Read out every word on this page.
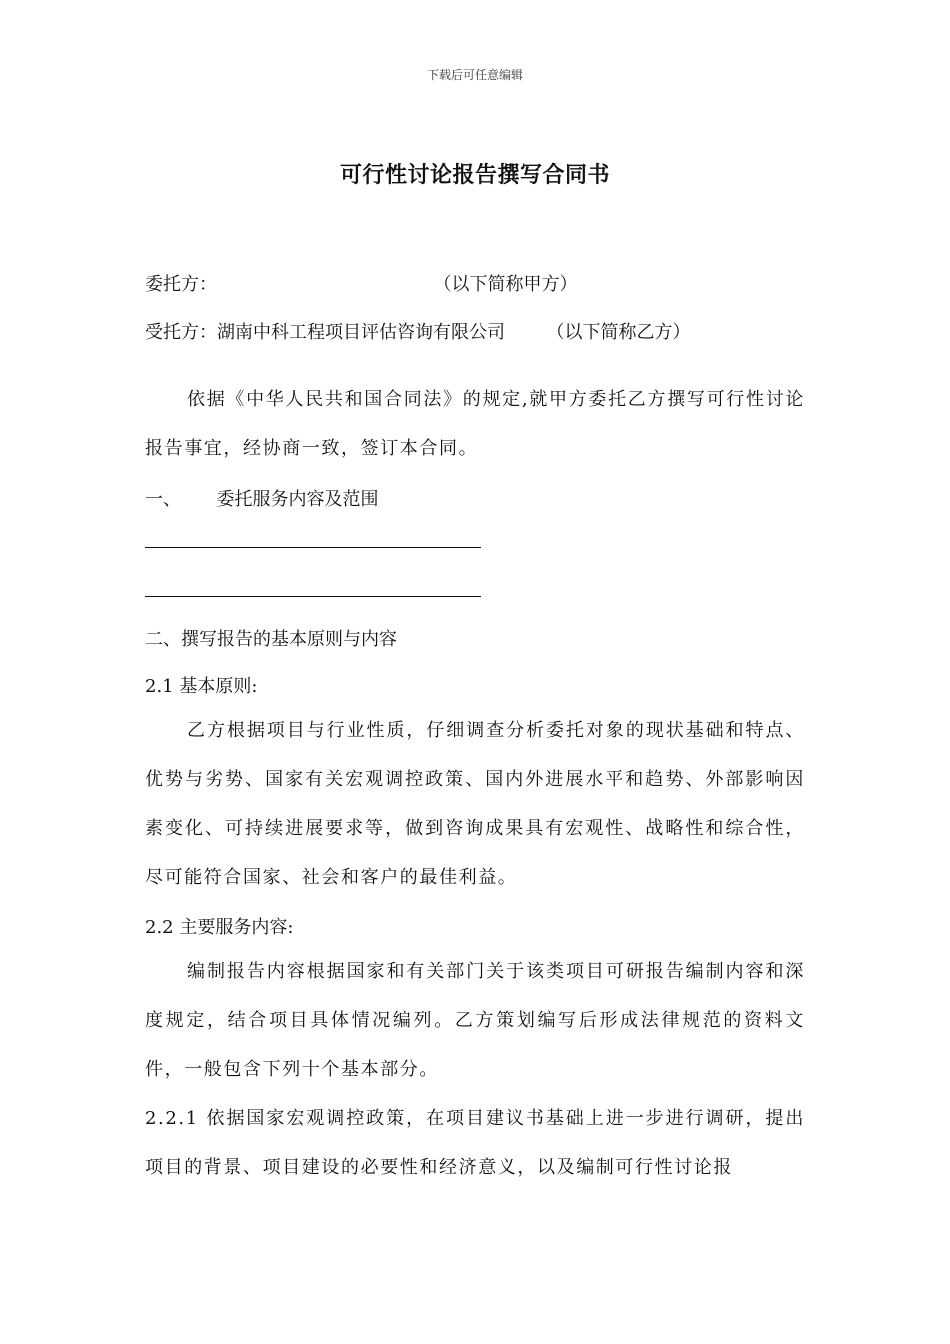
下载后可任意编辑
可行性讨论报告撰写合同书
委托方：	（以下简称甲方）
受托方：湖南中科工程项目评估咨询有限公司 （以下简称乙方）
依据《中华人民共和国合同法》的规定,就甲方委托乙方撰写可行性讨论报告事宜，经协商一致，签订本合同。
一、 委托服务内容及范围
二、撰写报告的基本原则与内容
2.1 基本原则:
乙方根据项目与行业性质，仔细调查分析委托对象的现状基础和特点、优势与劣势、国家有关宏观调控政策、国内外进展水平和趋势、外部影响因素变化、可持续进展要求等，做到咨询成果具有宏观性、战略性和综合性，尽可能符合国家、社会和客户的最佳利益。
2.2 主要服务内容:
编制报告内容根据国家和有关部门关于该类项目可研报告编制内容和深度规定，结合项目具体情况编列。乙方策划编写后形成法律规范的资料文件，一般包含下列十个基本部分。
2.2.1 依据国家宏观调控政策，在项目建议书基础上进一步进行调研，提出项目的背景、项目建设的必要性和经济意义，以及编制可行性讨论报
